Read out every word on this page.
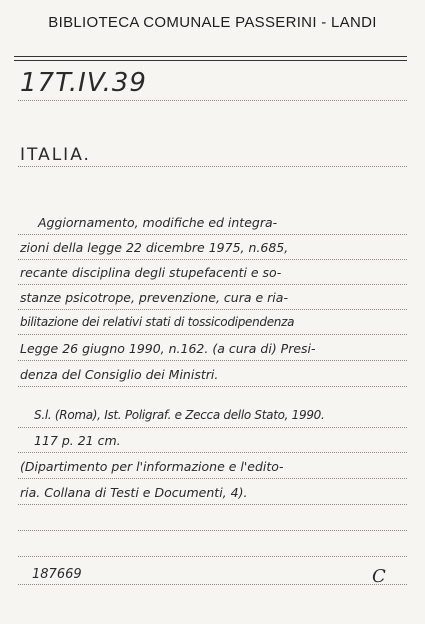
BIBLIOTECA COMUNALE PASSERINI - LANDI
17T.IV.39
ITALIA.
Aggiornamento, modifiche ed integra-
zioni della legge 22 dicembre 1975, n.685,
recante disciplina degli stupefacenti e so-
stanze psicotrope, prevenzione, cura e ria-
bilitazione dei relativi stati di tossicodipendenza
Legge 26 giugno 1990, n.162. (a cura di) Presi-
denza del Consiglio dei Ministri.
S.l. (Roma), Ist. Poligraf. e Zecca dello Stato, 1990.
117 p. 21 cm.
(Dipartimento per l'informazione e l'edito-
ria. Collana di Testi e Documenti, 4).
187669	C
